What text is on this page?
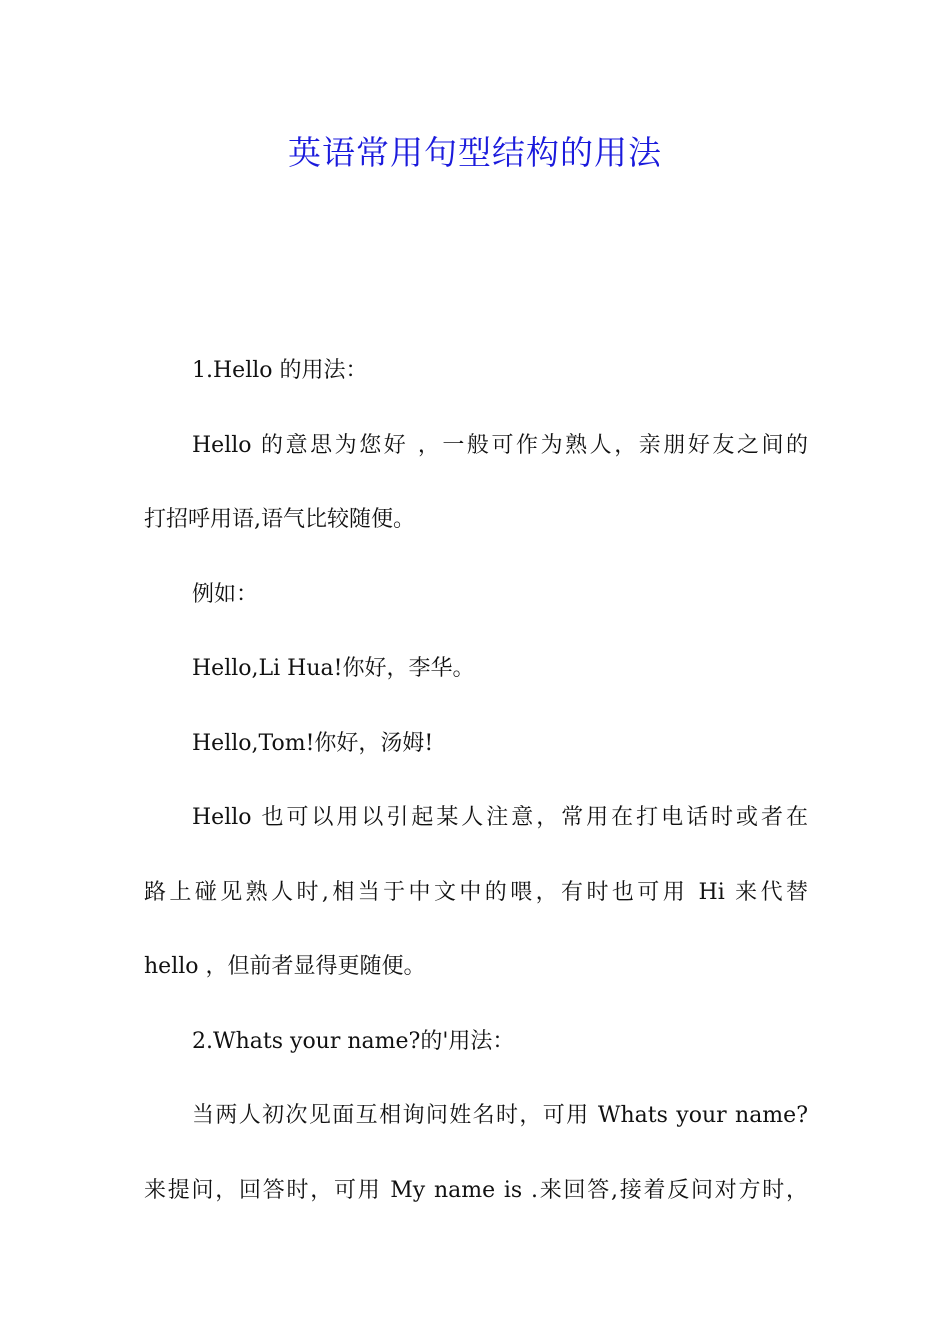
英语常用句型结构的用法

1.Hello 的用法：

Hello 的意思为您好 ，一般可作为熟人，亲朋好友之间的

打招呼用语,语气比较随便。

例如：

Hello,Li Hua!你好，李华。

Hello,Tom!你好，汤姆!

Hello 也可以用以引起某人注意，常用在打电话时或者在

路上碰见熟人时,相当于中文中的喂，有时也可用 Hi 来代替

hello ，但前者显得更随便。

2.Whats your name?的'用法：

当两人初次见面互相询问姓名时，可用 Whats your name?

来提问，回答时，可用 My name is .来回答,接着反问对方时，
